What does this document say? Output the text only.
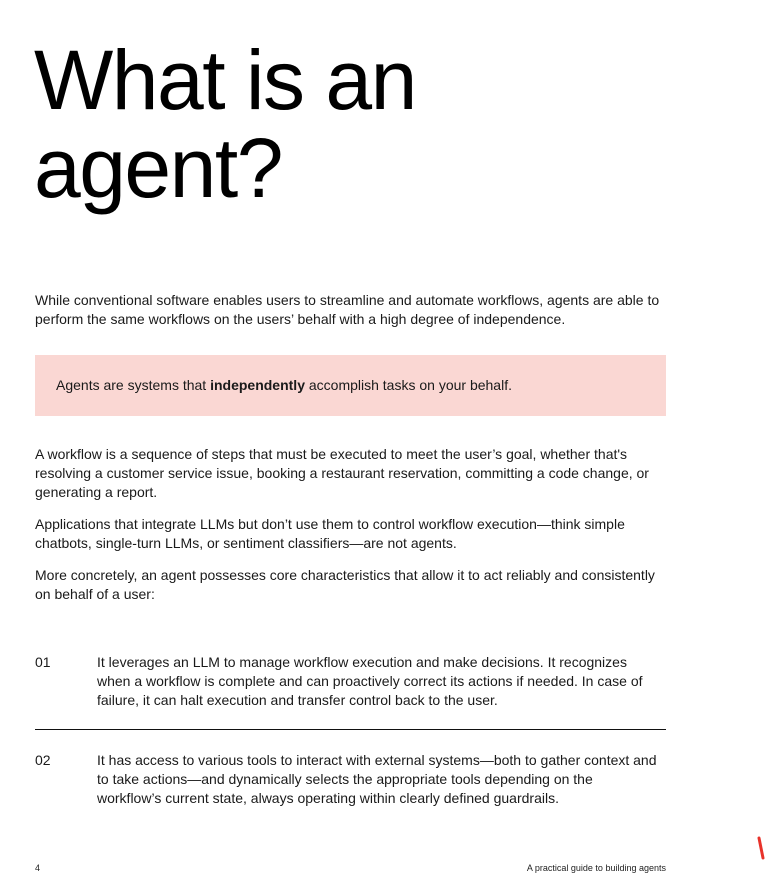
What is an agent?

While conventional software enables users to streamline and automate workflows, agents are able to perform the same workflows on the users’ behalf with a high degree of independence.

Agents are systems that independently accomplish tasks on your behalf.

A workflow is a sequence of steps that must be executed to meet the user’s goal, whether that's resolving a customer service issue, booking a restaurant reservation, committing a code change, or generating a report.

Applications that integrate LLMs but don’t use them to control workflow execution—think simple chatbots, single-turn LLMs, or sentiment classifiers—are not agents.

More concretely, an agent possesses core characteristics that allow it to act reliably and consistently on behalf of a user:

01	It leverages an LLM to manage workflow execution and make decisions. It recognizes when a workflow is complete and can proactively correct its actions if needed. In case of failure, it can halt execution and transfer control back to the user.
02	It has access to various tools to interact with external systems—both to gather context and to take actions—and dynamically selects the appropriate tools depending on the workflow’s current state, always operating within clearly defined guardrails.
4	A practical guide to building agents
